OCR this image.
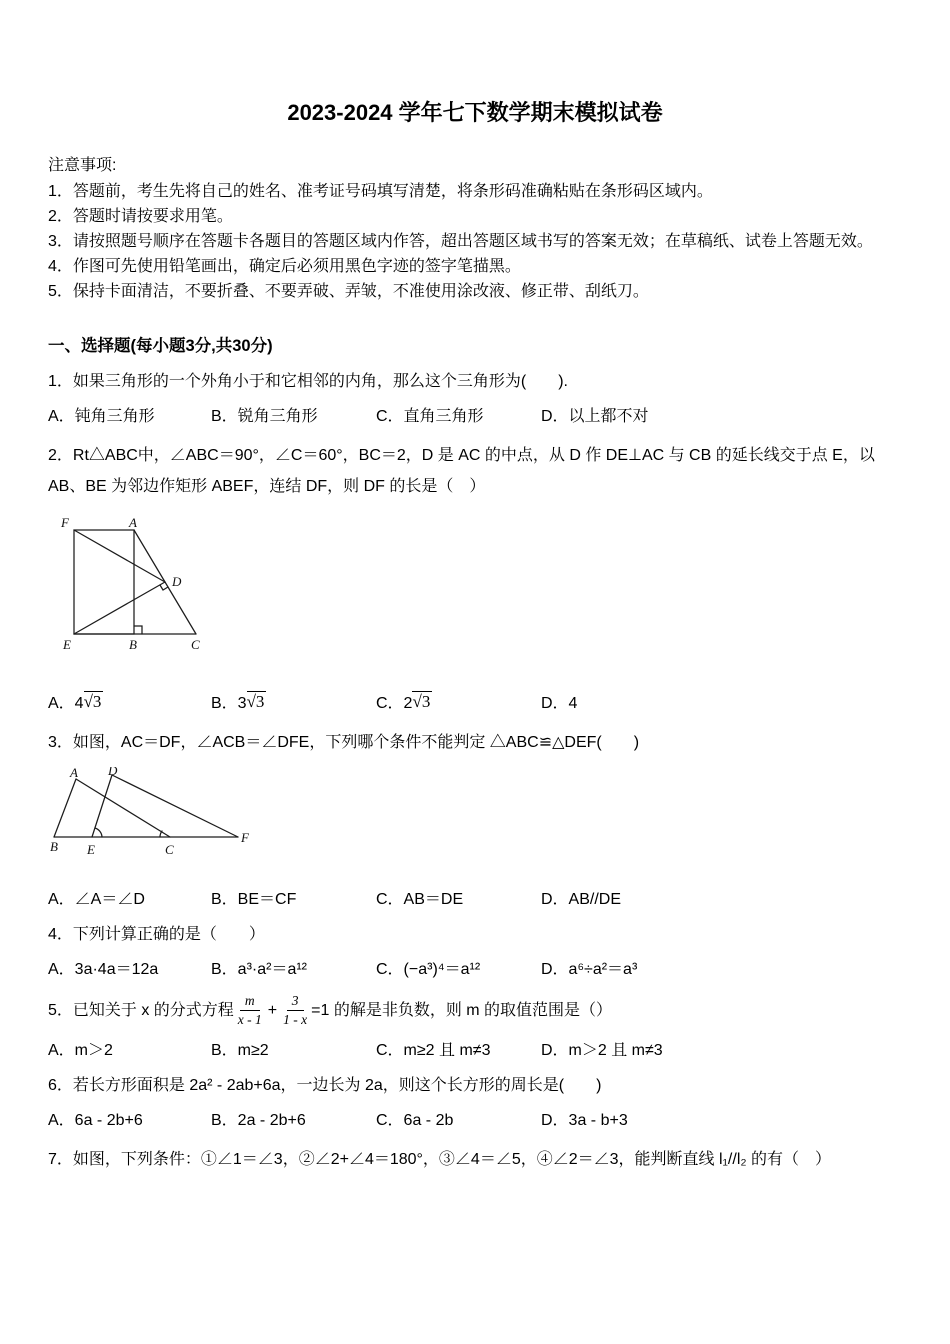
2023-2024 学年七下数学期末模拟试卷
注意事项:
1．答题前，考生先将自己的姓名、准考证号码填写清楚，将条形码准确粘贴在条形码区域内。
2．答题时请按要求用笔。
3．请按照题号顺序在答题卡各题目的答题区域内作答，超出答题区域书写的答案无效；在草稿纸、试卷上答题无效。
4．作图可先使用铅笔画出，确定后必须用黑色字迹的签字笔描黑。
5．保持卡面清洁，不要折叠、不要弄破、弄皱，不准使用涂改液、修正带、刮纸刀。
一、选择题(每小题3分,共30分)
1．如果三角形的一个外角小于和它相邻的内角，那么这个三角形为(　　).
A．钝角三角形	B．锐角三角形	C．直角三角形	D．以上都不对
2．Rt△ABC中，∠ABC＝90°，∠C＝60°，BC＝2，D 是 AC 的中点，从 D 作 DE⊥AC 与 CB 的延长线交于点 E，以
AB、BE 为邻边作矩形 ABEF，连结 DF，则 DF 的长是（　）
F	A
E	B	C
D
A．4 √ 3	B．3 √ 3	C．2 √ 3	D．4
3．如图，AC＝DF，∠ACB＝∠DFE，下列哪个条件不能判定 △ABC≌△DEF(　　)
A D
B E	C
F
A．∠A＝∠D	B．BE＝CF	C．AB＝DE	D．AB//DE
4．下列计算正确的是（　　）
A．3a·4a＝12a	B．a³·a²＝a¹²	C．(−a³)⁴＝a¹²	D．a⁶÷a²＝a³
5．已知关于 x 的分式方程 $\frac{m}{x - 1} + \frac{3}{1 - x} =1$ 的解是非负数，则 m 的取值范围是（）
A．m＞2	B．m≥2	C．m≥2 且 m≠3	D．m＞2 且 m≠3
6．若长方形面积是 2a² - 2ab+6a，一边长为 2a，则这个长方形的周长是(　　)
A．6a - 2b+6	B．2a - 2b+6	C．6a - 2b	D．3a - b+3
7．如图，下列条件：①∠1＝∠3，②∠2+∠4＝180°，③∠4＝∠5，④∠2＝∠3，能判断直线 l₁//l₂ 的有（　）
